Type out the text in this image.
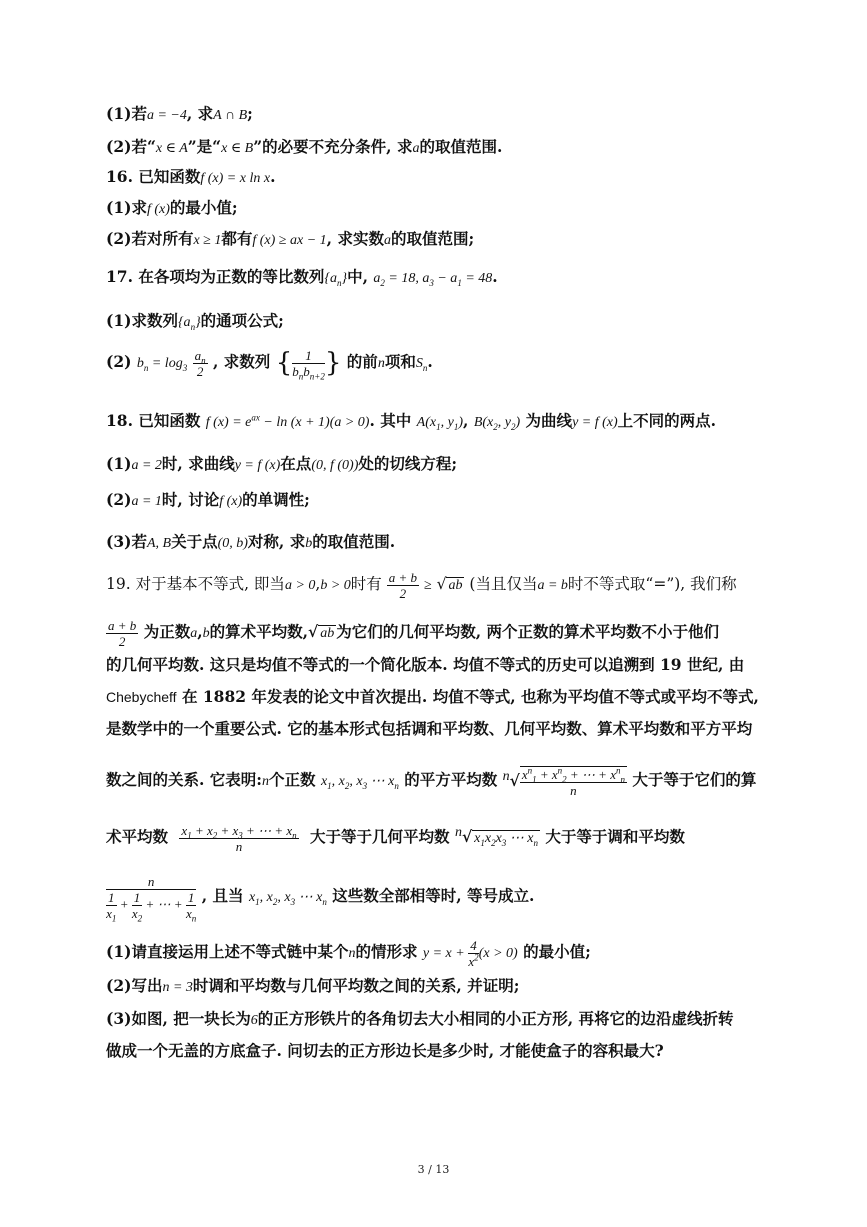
(1)若a = −4, 求A ∩ B;
(2)若“x ∈ A”是“x ∈ B”的必要不充分条件, 求a的取值范围.
16. 已知函数f (x) = x ln x.
(1)求f (x)的最小值;
(2)若对所有x ≥ 1都有f (x) ≥ ax − 1, 求实数a的取值范围;
17. 在各项均为正数的等比数列$\{a_n\}$中, $a_2 = 18$, $a_3 - a_1 = 48$.
(1)求数列$\{a_n\}$的通项公式;
(2) $b_n = \log_3 \frac{a_n}{2}$ , 求数列 { $\frac{1}{b_nb_{n+2}}$ } 的前n项和$S_n$.
18. 已知函数 f $(x) = e^{ax} - \ln (x + 1)(a > 0)$. 其中 $A(x_1$, $y_1$), $B(x_2$, $y_2$) 为曲线y = f (x)上不同的两点.
(1)a = 2时, 求曲线y = f (x)在点(0, f (0))处的切线方程;
(2)a = 1时, 讨论f (x)的单调性;
(3)若A, B关于点(0, b)对称, 求b的取值范围.
19. 对于基本不等式, 即当a > 0,b > 0时有 $\frac{a + b}{2}$ ≥ √ ab (当且仅当a = b时不等式取“=”), 我们称
$\frac{a + b}{2}$ 为正数a,b的算术平均数,√ ab 为它们的几何平均数, 两个正数的算术平均数不小于他们
的几何平均数. 这只是均值不等式的一个简化版本. 均值不等式的历史可以追溯到 19 世纪, 由
Chebycheff 在 1882 年发表的论文中首次提出. 均值不等式, 也称为平均值不等式或平均不等式,
是数学中的一个重要公式. 它的基本形式包括调和平均数、几何平均数、算术平均数和平方平均
数之间的关系. 它表明:n个正数 $x_1$, $x_2$, $x_3$ ⋯ $x_n$ 的平方平均数 $^n√ \frac{x^n_1 + x^n_2 + \cdots + x^n_n}{n}$ 大于等于它们的算
术平均数 $\frac{x_1 + x_2 + x_3 + \cdots + x_n}{n}$ 大于等于几何平均数 $^n$√ $x_1x_2x_3$ ⋯ $x_n$ 大于等于调和平均数
$\frac{n}{\frac{1}{x_1} + \frac{1}{x_2} + \cdots + \frac{1}{x_n}}$ , 且当 $x_1$, $x_2$, $x_3$ ⋯ $x_n$ 这些数全部相等时, 等号成立.
(1)请直接运用上述不等式链中某个n的情形求 $y = x + \frac{4}{x^2} (x > 0)$ 的最小值;
(2)写出n = 3时调和平均数与几何平均数之间的关系, 并证明;
(3)如图, 把一块长为6的正方形铁片的各角切去大小相同的小正方形, 再将它的边沿虚线折转
做成一个无盖的方底盒子. 问切去的正方形边长是多少时, 才能使盒子的容积最大?
3 / 13
